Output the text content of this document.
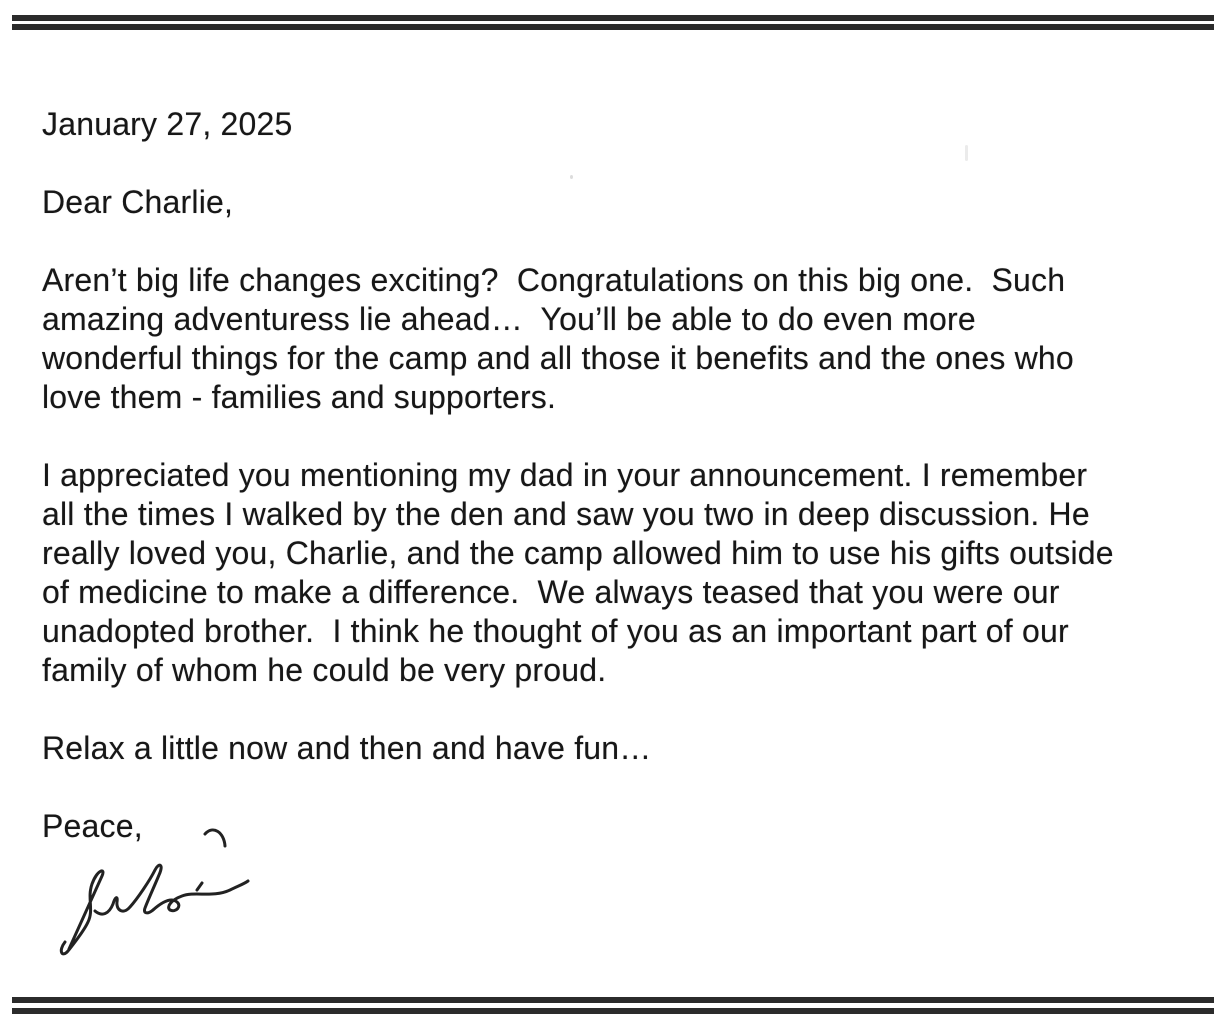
January 27, 2025
Dear Charlie,
Aren’t big life changes exciting?  Congratulations on this big one.  Such
amazing adventuress lie ahead…  You’ll be able to do even more
wonderful things for the camp and all those it benefits and the ones who
love them - families and supporters.
I appreciated you mentioning my dad in your announcement. I remember
all the times I walked by the den and saw you two in deep discussion. He
really loved you, Charlie, and the camp allowed him to use his gifts outside
of medicine to make a difference.  We always teased that you were our
unadopted brother.  I think he thought of you as an important part of our
family of whom he could be very proud.
Relax a little now and then and have fun…
Peace,
